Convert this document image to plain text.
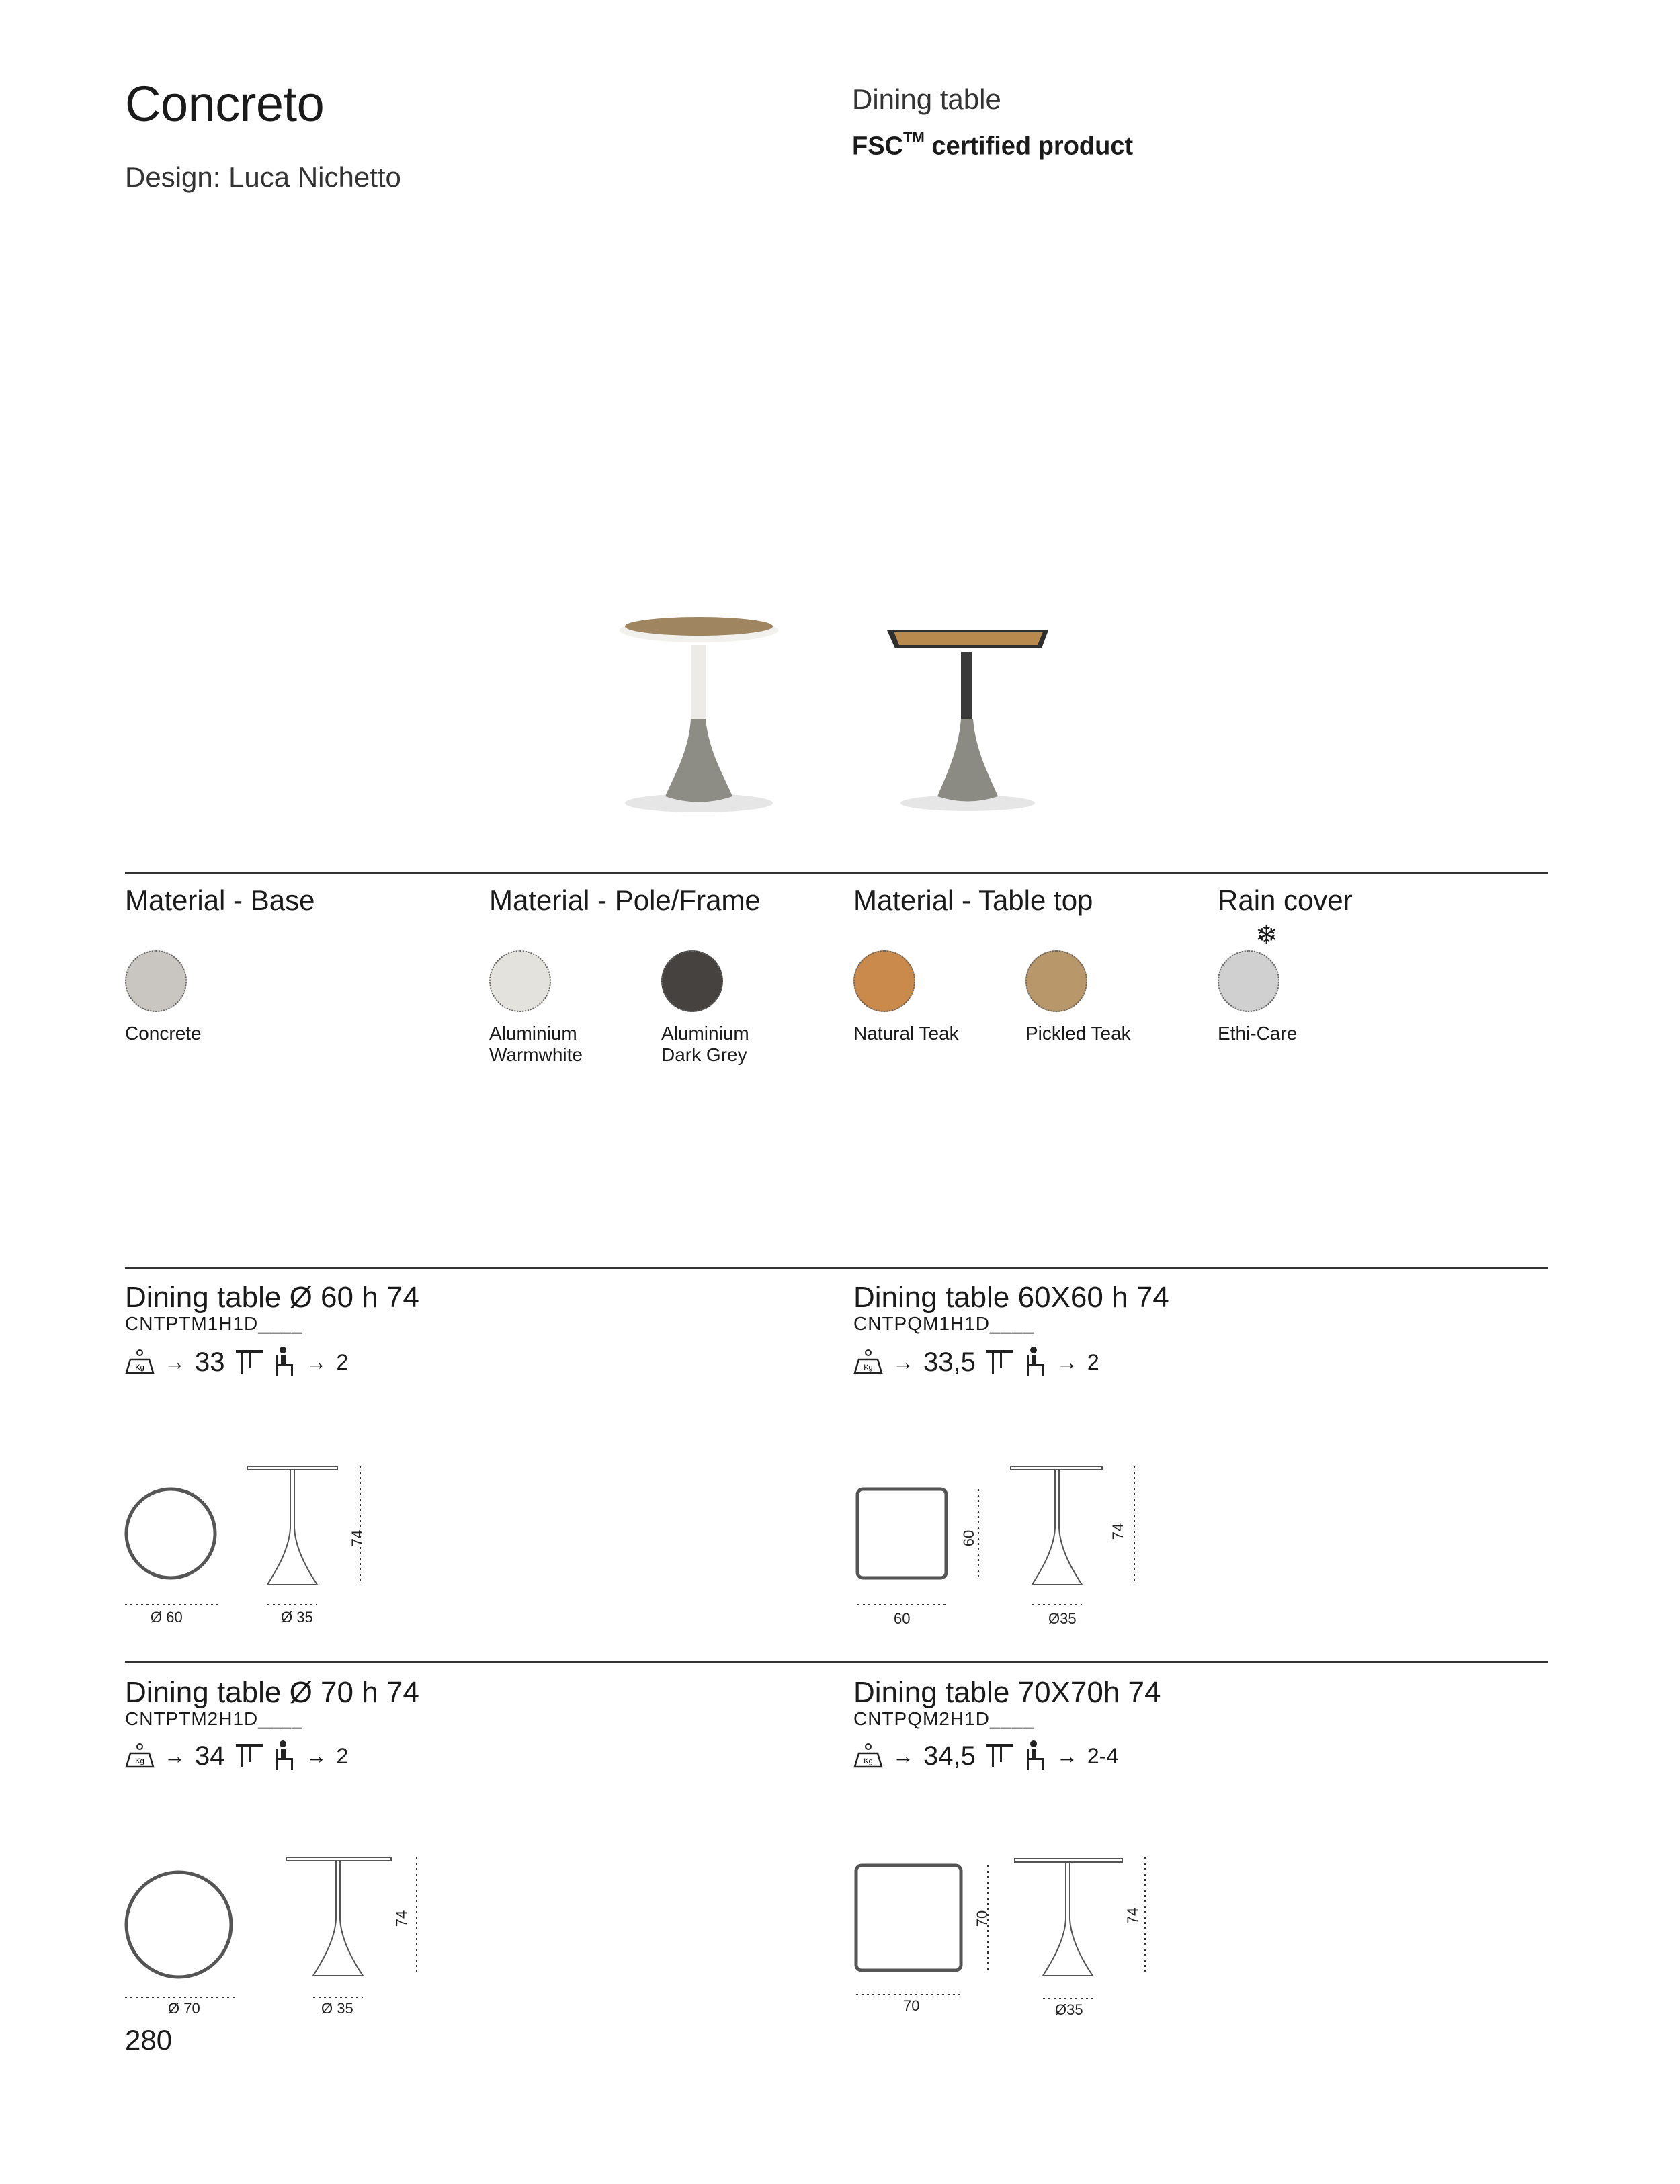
Concreto
Design: Luca Nichetto
Dining table
FSC™ certified product
Material - Base	Material - Pole/Frame	Material - Table top	Rain cover
❄
Concrete	Aluminium
Warmwhite
Aluminium
Dark Grey
Natural Teak	Pickled Teak	Ethi-Care
Dining table Ø 60 h 74
CNTPTM1H1D____
Kg → 33	→ 2
Ø 60	Ø 35
74
Dining table 60X60 h 74
CNTPQM1H1D____
Kg → 33,5	→ 2
60
60
Ø35
74
Dining table Ø 70 h 74
CNTPTM2H1D____
Kg → 34	→ 2
Ø 70	Ø 35
74
Dining table 70X70h 74
CNTPQM2H1D____
Kg → 34,5	→ 2-4
70
70
Ø35
74
280
